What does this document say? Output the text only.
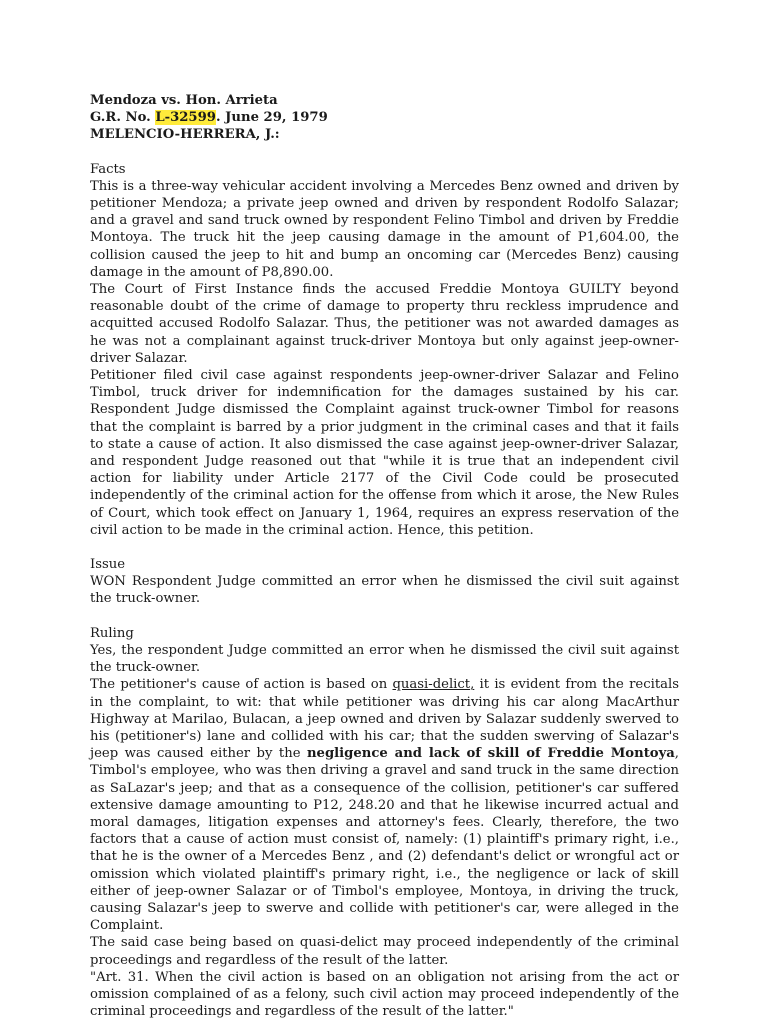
Mendoza vs. Hon. Arrieta

G.R. No. L-32599. June 29, 1979

MELENCIO-HERRERA, J.:

Facts

This is a three-way vehicular accident involving a Mercedes Benz owned and driven by petitioner Mendoza; a private jeep owned and driven by respondent Rodolfo Salazar; and a gravel and sand truck owned by respondent Felino Timbol and driven by Freddie Montoya. The truck hit the jeep causing damage in the amount of P1,604.00, the collision caused the jeep to hit and bump an oncoming car (Mercedes Benz) causing damage in the amount of P8,890.00.

The Court of First Instance finds the accused Freddie Montoya GUILTY beyond reasonable doubt of the crime of damage to property thru reckless imprudence and acquitted accused Rodolfo Salazar. Thus, the petitioner was not awarded damages as he was not a complainant against truck-driver Montoya but only against jeep-owner-driver Salazar.

Petitioner filed civil case against respondents jeep-owner-driver Salazar and Felino Timbol, truck driver for indemnification for the damages sustained by his car. Respondent Judge dismissed the Complaint against truck-owner Timbol for reasons that the complaint is barred by a prior judgment in the criminal cases and that it fails to state a cause of action. It also dismissed the case against jeep-owner-driver Salazar, and respondent Judge reasoned out that "while it is true that an independent civil action for liability under Article 2177 of the Civil Code could be prosecuted independently of the criminal action for the offense from which it arose, the New Rules of Court, which took effect on January 1, 1964, requires an express reservation of the civil action to be made in the criminal action. Hence, this petition.

Issue

WON Respondent Judge committed an error when he dismissed the civil suit against the truck-owner.

Ruling

Yes, the respondent Judge committed an error when he dismissed the civil suit against the truck-owner.

The petitioner's cause of action is based on quasi-delict, it is evident from the recitals in the complaint, to wit: that while petitioner was driving his car along MacArthur Highway at Marilao, Bulacan, a jeep owned and driven by Salazar suddenly swerved to his (petitioner's) lane and collided with his car; that the sudden swerving of Salazar's jeep was caused either by the negligence and lack of skill of Freddie Montoya, Timbol's employee, who was then driving a gravel and sand truck in the same direction as SaLazar's jeep; and that as a consequence of the collision, petitioner's car suffered extensive damage amounting to P12, 248.20 and that he likewise incurred actual and moral damages, litigation expenses and attorney's fees. Clearly, therefore, the two factors that a cause of action must consist of, namely: (1) plaintiff's primary right, i.e., that he is the owner of a Mercedes Benz , and (2) defendant's delict or wrongful act or omission which violated plaintiff's primary right, i.e., the negligence or lack of skill either of jeep-owner Salazar or of Timbol's employee, Montoya, in driving the truck, causing Salazar's jeep to swerve and collide with petitioner's car, were alleged in the Complaint.

The said case being based on quasi-delict may proceed independently of the criminal proceedings and regardless of the result of the latter.

"Art. 31. When the civil action is based on an obligation not arising from the act or omission complained of as a felony, such civil action may proceed independently of the criminal proceedings and regardless of the result of the latter."
